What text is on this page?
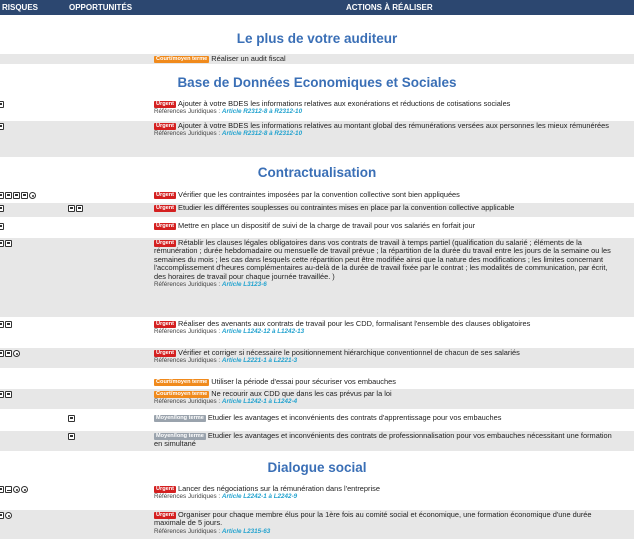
RISQUES	OPPORTUNITÉS	ACTIONS À RÉALISER
Le plus de votre auditeur
Base de Données Economiques et Sociales
Contractualisation
Dialogue social
Court/moyen terme Réaliser un audit fiscal
Urgent Ajouter à votre BDES les informations relatives aux exonérations et réductions de cotisations sociales
Références Juridiques : Article R2312-8 à R2312-10
Urgent Ajouter à votre BDES les informations relatives au montant global des rémunérations versées aux personnes les mieux rémunérées
Références Juridiques : Article R2312-8 à R2312-10
Urgent Vérifier que les contraintes imposées par la convention collective sont bien appliquées
Urgent Etudier les différentes souplesses ou contraintes mises en place par la convention collective applicable
Urgent Mettre en place un dispositif de suivi de la charge de travail pour vos salariés en forfait jour
Urgent Rétablir les clauses légales obligatoires dans vos contrats de travail à temps partiel (qualification du salarié ; éléments de la rémunération ; durée hebdomadaire ou mensuelle de travail prévue ; la répartition de la durée du travail entre les jours de la semaine ou les semaines du mois ; les cas dans lesquels cette répartition peut être modifiée ainsi que la nature des modifications ; les limites concernant l'accomplissement d'heures complémentaires au-delà de la durée de travail fixée par le contrat ; les modalités de communication, par écrit, des horaires de travail pour chaque journée travaillée. )
Références Juridiques : Article L3123-6
Urgent Réaliser des avenants aux contrats de travail pour les CDD, formalisant l'ensemble des clauses obligatoires
Références Juridiques : Article L1242-12 à L1242-13
Urgent Vérifier et corriger si nécessaire le positionnement hiérarchique conventionnel de chacun de ses salariés
Références Juridiques : Article L2221-1 à L2221-3
Court/moyen terme Utiliser la période d'essai pour sécuriser vos embauches
Court/moyen terme Ne recourir aux CDD que dans les cas prévus par la loi
Références Juridiques : Article L1242-1 à L1242-4
Moyen/long terme Etudier les avantages et inconvénients des contrats d'apprentissage pour vos embauches
Moyen/long terme Etudier les avantages et inconvénients des contrats de professionnalisation pour vos embauches nécessitant une formation en simultané
Urgent Lancer des négociations sur la rémunération dans l'entreprise
Références Juridiques : Article L2242-1 à L2242-9
Urgent Organiser pour chaque membre élus pour la 1ère fois au comité social et économique, une formation économique d'une durée maximale de 5 jours.
Références Juridiques : Article L2315-63
